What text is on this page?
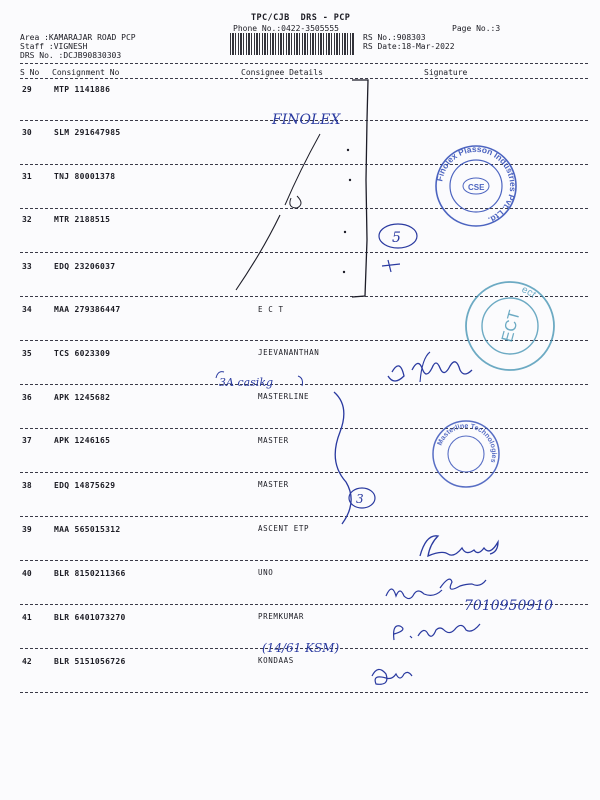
TPC/CJB  DRS - PCP
Phone No.:0422-3505555	Page No.:3
Area :KAMARAJAR ROAD PCP
Staff :VIGNESH
DRS No. :DCJB90830303
RS No.:908303
RS Date:18-Mar-2022
S No Consignment No	Consignee Details	Signature
29	MTP 1141886
30	SLM 291647985
31	TNJ 80001378
32	MTR 2188515
33	EDQ 23206037
34	MAA 279386447	E C T
35	TCS 6023309	JEEVANANTHAN
36	APK 1245682	MASTERLINE
37	APK 1246165	MASTER
38	EDQ 14875629	MASTER
39	MAA 565015312	ASCENT ETP
40	BLR 8150211366	UNO
41	BLR 6401073270	PREMKUMAR
42	BLR 5151056726	KONDAAS
FINOLEX
5
Finolex Plasson Industries Pvt. Ltd.
CSE
ect
ECT
3A casikg
3
Masterline Technologies
7010950910
(14/61 KSM)
